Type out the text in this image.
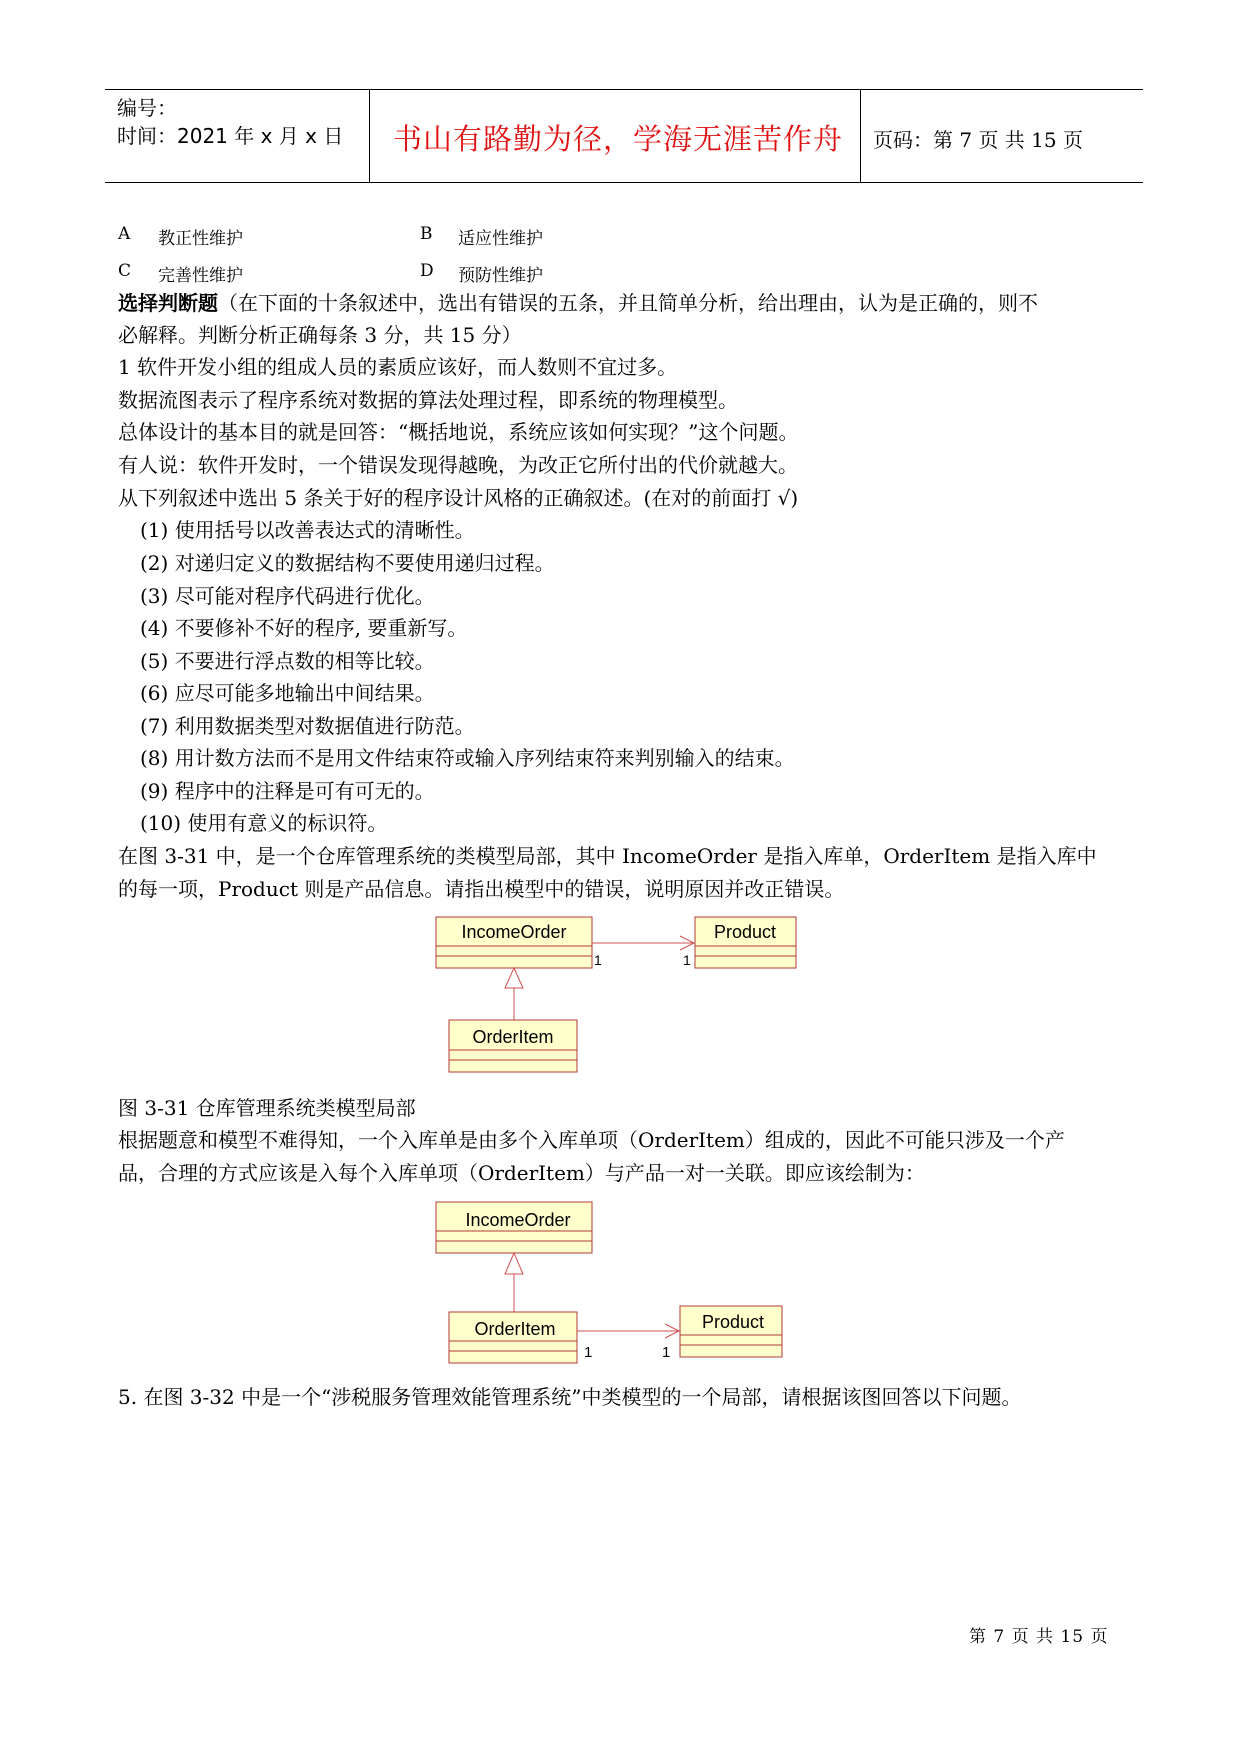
编号：
时间：2021 年 x 月 x 日 书山有路勤为径，学海无涯苦作舟 页码：第 7 页 共 15 页
A 教正性维护	B 适应性维护
C 完善性维护	D 预防性维护
选择判断题（在下面的十条叙述中，选出有错误的五条，并且简单分析，给出理由，认为是正确的，则不
必解释。判断分析正确每条 3 分，共 15 分）
1 软件开发小组的组成人员的素质应该好，而人数则不宜过多。
数据流图表示了程序系统对数据的算法处理过程，即系统的物理模型。
总体设计的基本目的就是回答：“概括地说，系统应该如何实现？”这个问题。
有人说：软件开发时，一个错误发现得越晚，为改正它所付出的代价就越大。
从下列叙述中选出 5 条关于好的程序设计风格的正确叙述。(在对的前面打 √)
(1) 使用括号以改善表达式的清晰性。
(2) 对递归定义的数据结构不要使用递归过程。
(3) 尽可能对程序代码进行优化。
(4) 不要修补不好的程序, 要重新写。
(5) 不要进行浮点数的相等比较。
(6) 应尽可能多地输出中间结果。
(7) 利用数据类型对数据值进行防范。
(8) 用计数方法而不是用文件结束符或输入序列结束符来判别输入的结束。
(9) 程序中的注释是可有可无的。
(10) 使用有意义的标识符。
在图 3-31 中，是一个仓库管理系统的类模型局部，其中 IncomeOrder 是指入库单，OrderItem 是指入库中
的每一项，Product 则是产品信息。请指出模型中的错误，说明原因并改正错误。
IncomeOrder	Product
1	1
OrderItem
IncomeOrder
OrderItem	Product
1	1
图 3-31 仓库管理系统类模型局部
根据题意和模型不难得知，一个入库单是由多个入库单项（OrderItem）组成的，因此不可能只涉及一个产
品，合理的方式应该是入每个入库单项（OrderItem）与产品一对一关联。即应该绘制为：
5. 在图 3-32 中是一个“涉税服务管理效能管理系统”中类模型的一个局部，请根据该图回答以下问题。
第 7 页 共 15 页
